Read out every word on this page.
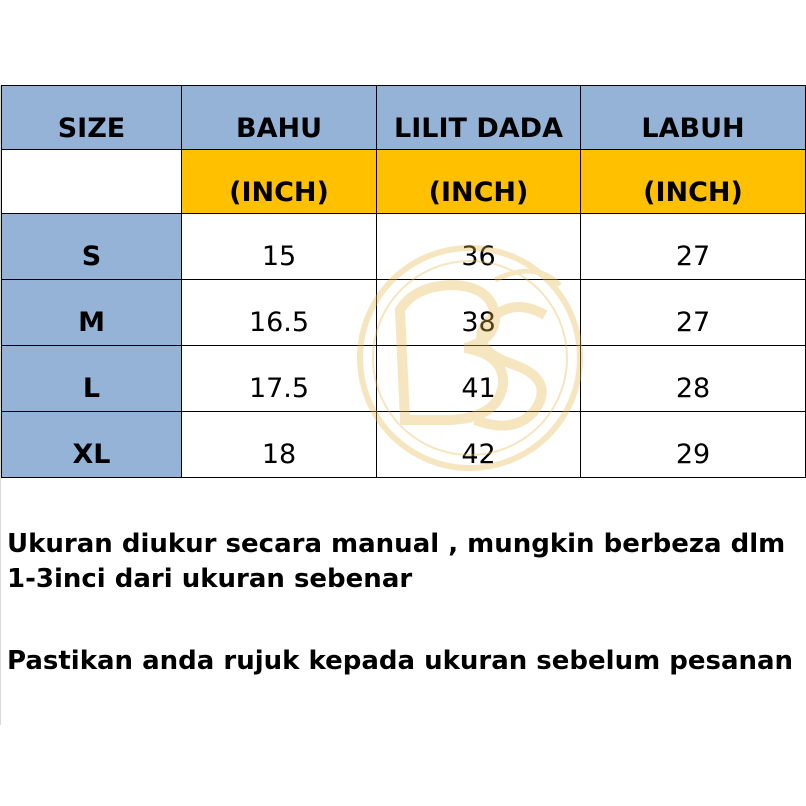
SIZE	BAHU	LILIT DADA	LABUH
	(INCH)	(INCH)	(INCH)
S	15	36	27
M	16.5	38	27
L	17.5	41	28
XL	18	42	29
Ukuran diukur secara manual , mungkin berbeza dlm
1-3inci dari ukuran sebenar
Pastikan anda rujuk kepada ukuran sebelum pesanan
